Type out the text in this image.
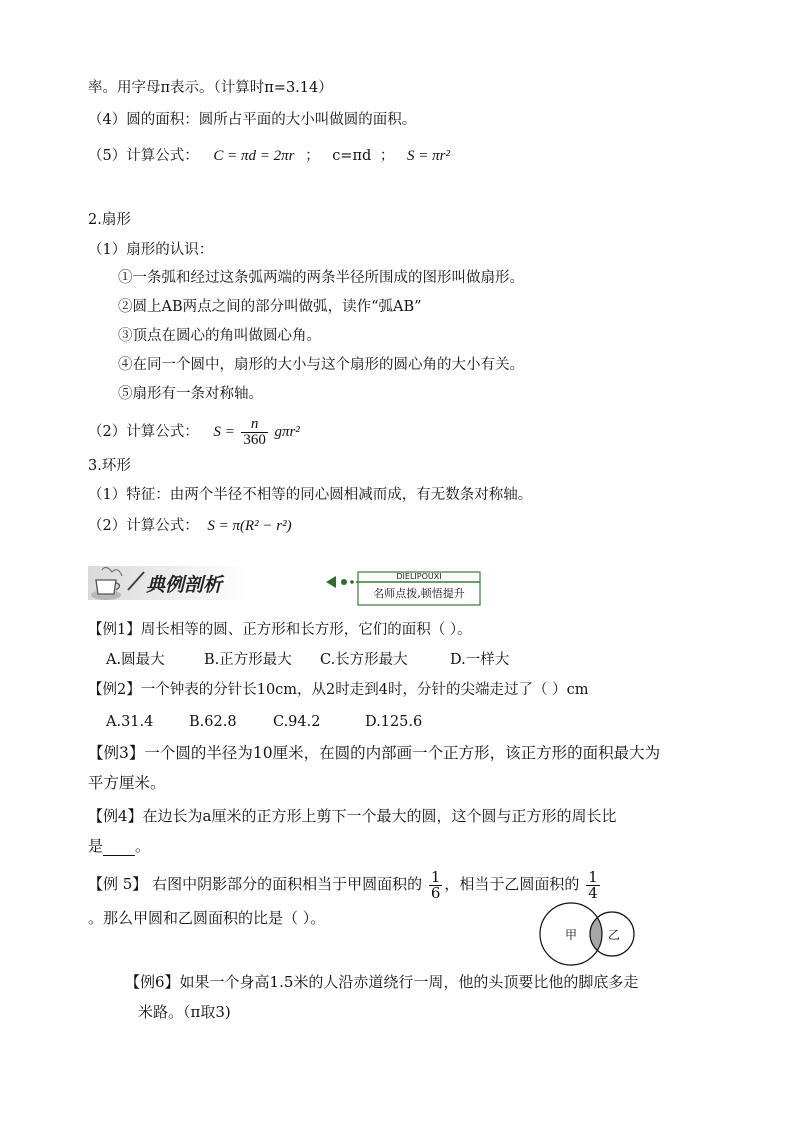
率。用字母π表示。（计算时π=3.14）
（4）圆的面积：圆所占平面的大小叫做圆的面积。
（5）计算公式： C = πd = 2πr ； c=πd ； S = πr²
2.扇形
（1）扇形的认识：
①一条弧和经过这条弧两端的两条半径所围成的图形叫做扇形。
②圆上AB两点之间的部分叫做弧，读作“弧AB”
③顶点在圆心的角叫做圆心角。
④在同一个圆中，扇形的大小与这个扇形的圆心角的大小有关。
⑤扇形有一条对称轴。
（2）计算公式： $S = \frac{n}{360} g\pi r^2$
3.环形
（1）特征：由两个半径不相等的同心圆相减而成，有无数条对称轴。
（2）计算公式： S = π(R² − r²)
典例剖析	DIELIPOUXI
名师点拨,顿悟提升
【例1】周长相等的圆、正方形和长方形，它们的面积（ ）。
A.圆最大	B.正方形最大 C.长方形最大	D.一样大
【例2】一个钟表的分针长10cm，从2时走到4时，分针的尖端走过了（ ）cm
A.31.4 B.62.8	C.94.2	D.125.6
【例3】一个圆的半径为10厘米，在圆的内部画一个正方形，该正方形的面积最大为
平方厘米。
【例4】在边长为a厘米的正方形上剪下一个最大的圆，这个圆与正方形的周长比
是 。
【例 5】 右图中阴影部分的面积相当于甲圆面积的 $\frac{1}{6}$ ，相当于乙圆面积的 $\frac{1}{4}$
。那么甲圆和乙圆面积的比是（ ）。
甲	乙
【例6】如果一个身高1.5米的人沿赤道绕行一周，他的头顶要比他的脚底多走
米路。（π取3)
